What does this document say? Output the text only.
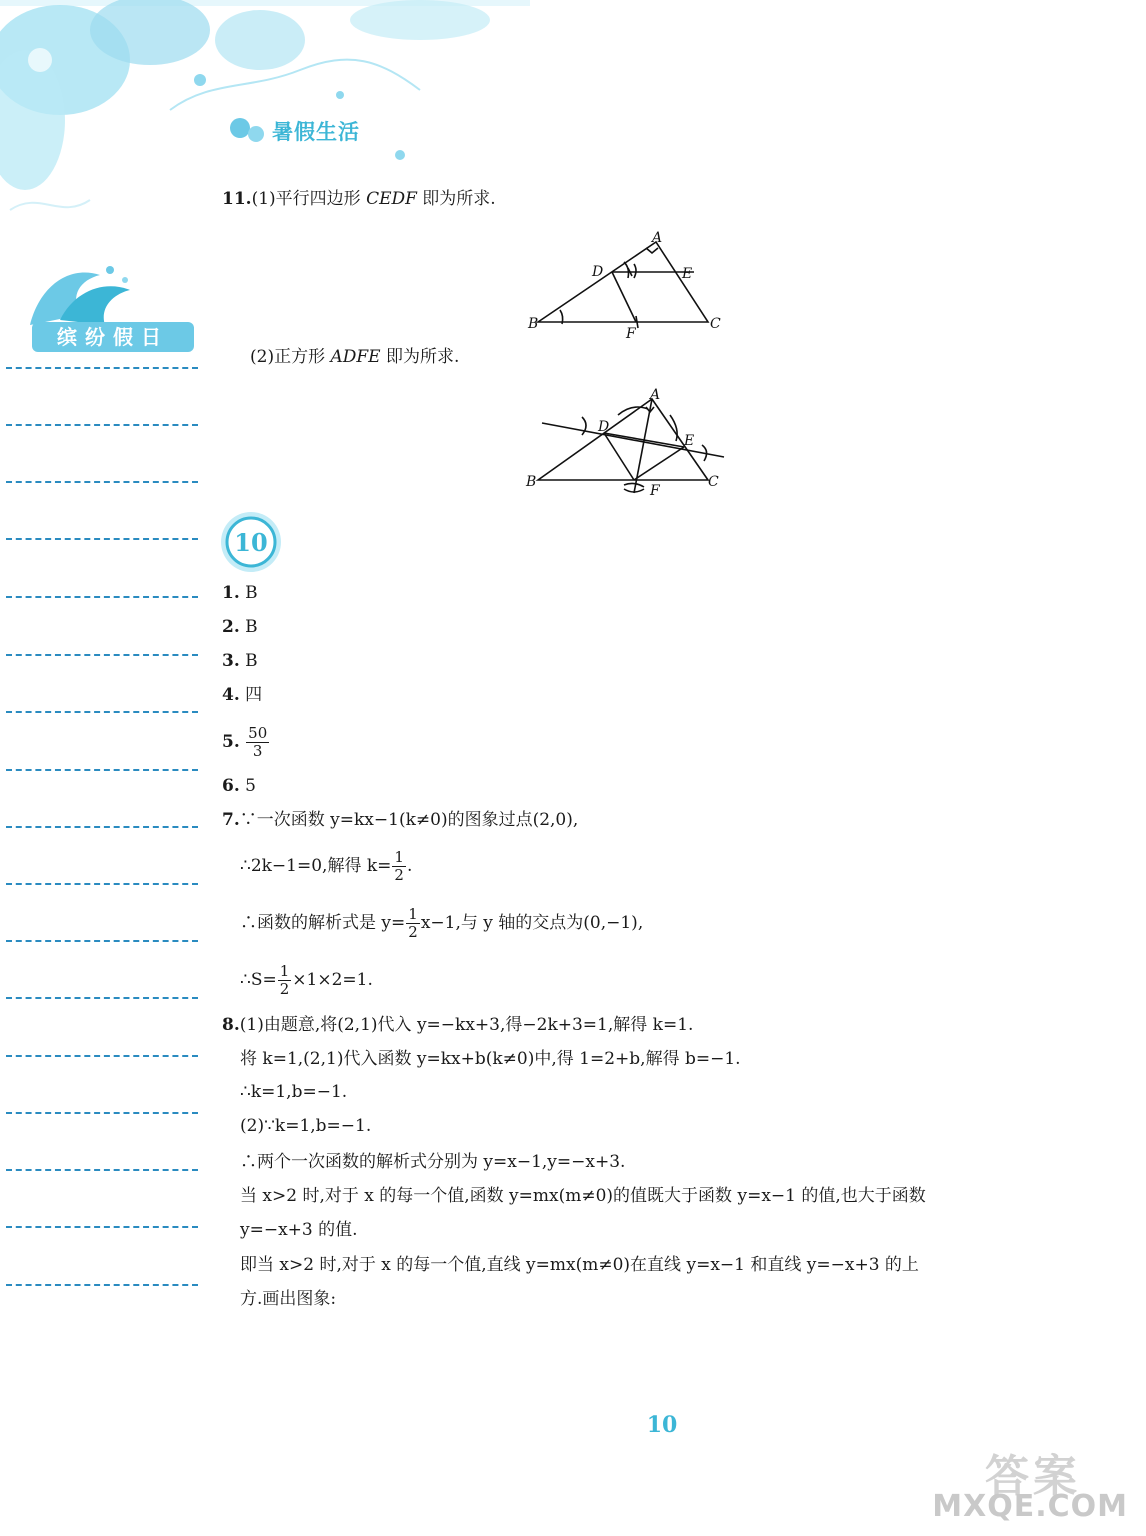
暑假生活
缤纷假日
11.(1)平行四边形 CEDF 即为所求.
A
B	C
D	E
F
(2)正方形 ADFE 即为所求.
A
B	C
D
E
F
10
1. B
2. B
3. B
4. 四
5. $\frac{50}{3}$
6. 5
7.∵一次函数 y=kx−1(k≠0)的图象过点(2,0),
∴2k−1=0,解得 $k= \frac{1}{2}$ .
∴函数的解析式是 $y= \frac{1}{2} x-1$,与 y 轴的交点为(0,−1),
∴S= $\frac{1}{2} \times 1\times 2=1$.
8.(1)由题意,将(2,1)代入 y=−kx+3,得−2k+3=1,解得 k=1.
将 k=1,(2,1)代入函数 y=kx+b(k≠0)中,得 1=2+b,解得 b=−1.
∴k=1,b=−1.
(2)∵k=1,b=−1.
∴两个一次函数的解析式分别为 y=x−1,y=−x+3.
当 x>2 时,对于 x 的每一个值,函数 y=mx(m≠0)的值既大于函数 y=x−1 的值,也大于函数
y=−x+3 的值.
即当 x>2 时,对于 x 的每一个值,直线 y=mx(m≠0)在直线 y=x−1 和直线 y=−x+3 的上
方.画出图象:
10
答案
MXQE.COM
